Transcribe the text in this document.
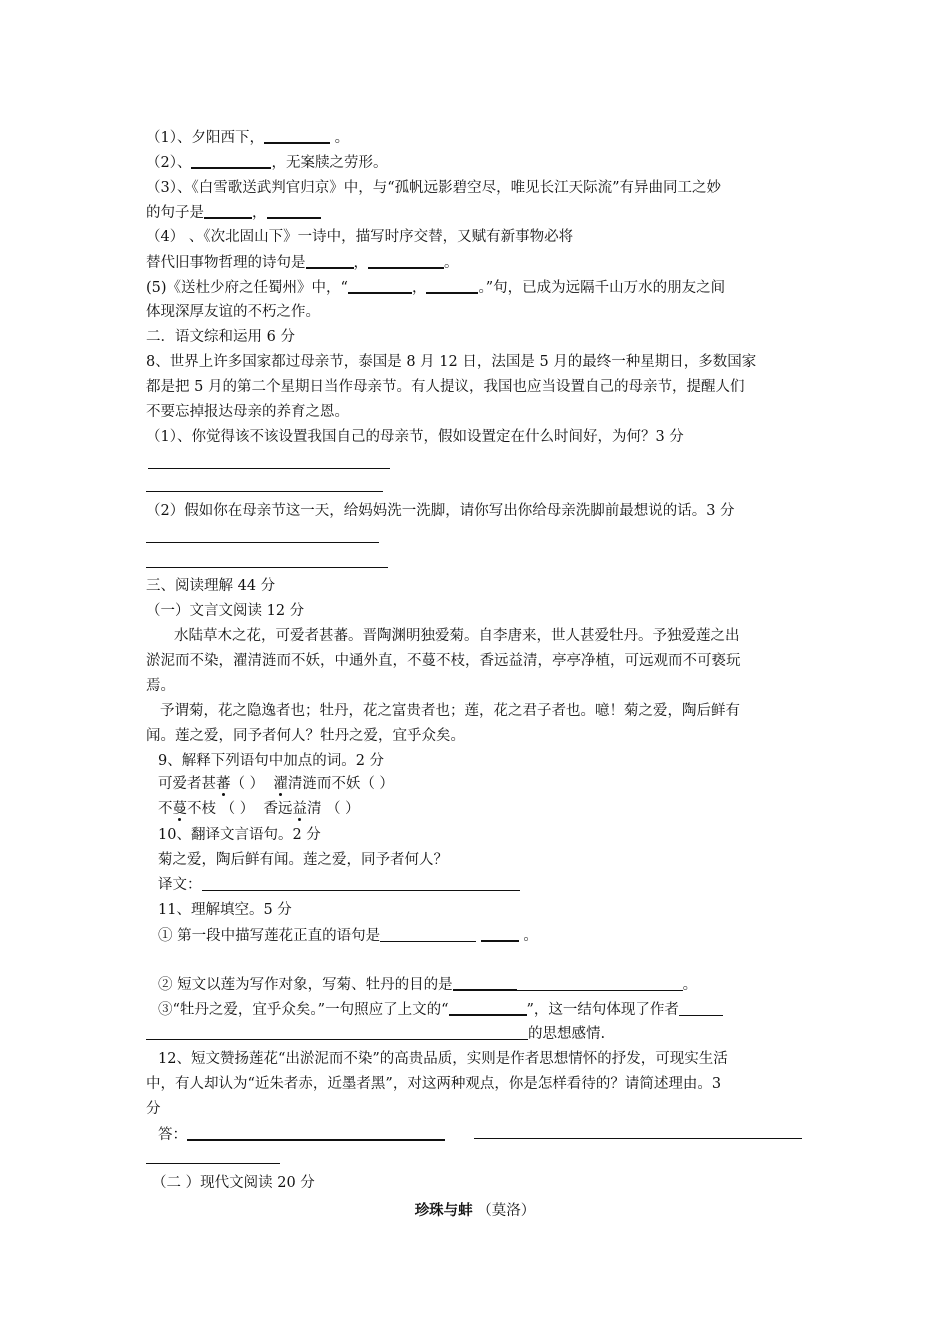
（1）、夕阳西下，	。
（2）、	，无案牍之劳形。
（3）、《白雪歌送武判官归京》中，与“孤帆远影碧空尽，唯见长江天际流”有异曲同工之妙
的句子是	，
（4） 、《次北固山下》一诗中，描写时序交替，又赋有新事物必将
替代旧事物哲理的诗句是	，	。
(5)《送杜少府之任蜀州》中，“	，	。”句，已成为远隔千山万水的朋友之间
体现深厚友谊的不朽之作。
二．语文综和运用 6 分
8、世界上许多国家都过母亲节，泰国是 8 月 12 日，法国是 5 月的最终一种星期日，多数国家
都是把 5 月的第二个星期日当作母亲节。有人提议，我国也应当设置自己的母亲节，提醒人们
不要忘掉报达母亲的养育之恩。
（1）、你觉得该不该设置我国自己的母亲节，假如设置定在什么时间好，为何？3 分
（2）假如你在母亲节这一天，给妈妈洗一洗脚，请你写出你给母亲洗脚前最想说的话。3 分
三、阅读理解 44 分
（一）文言文阅读 12 分
水陆草木之花，可爱者甚蕃。晋陶渊明独爱菊。自李唐来，世人甚爱牡丹。予独爱莲之出
淤泥而不染，濯清涟而不妖，中通外直，不蔓不枝，香远益清，亭亭净植，可远观而不可亵玩
焉。
予谓菊，花之隐逸者也；牡丹，花之富贵者也；莲，花之君子者也。噫！菊之爱，陶后鲜有
闻。莲之爱，同予者何人？牡丹之爱，宜乎众矣。
9、解释下列语句中加点的词。2 分
可爱者甚蕃（ ） 濯清涟而不妖（ ）
不蔓不枝 （ ） 香远益清 （ ）
10、翻译文言语句。2 分
菊之爱，陶后鲜有闻。莲之爱，同予者何人？
译文：
11、理解填空。5 分
① 第一段中描写莲花正直的语句是	。
② 短文以莲为写作对象，写菊、牡丹的目的是	。
③“牡丹之爱，宜乎众矣。”一句照应了上文的“	”，这一结句体现了作者
的思想感情.
12、短文赞扬莲花“出淤泥而不染”的高贵品质，实则是作者思想情怀的抒发，可现实生活
中，有人却认为“近朱者赤，近墨者黑”，对这两种观点，你是怎样看待的？请简述理由。3
分
答：
（二 ）现代文阅读 20 分
珍珠与蚌 （莫洛）
